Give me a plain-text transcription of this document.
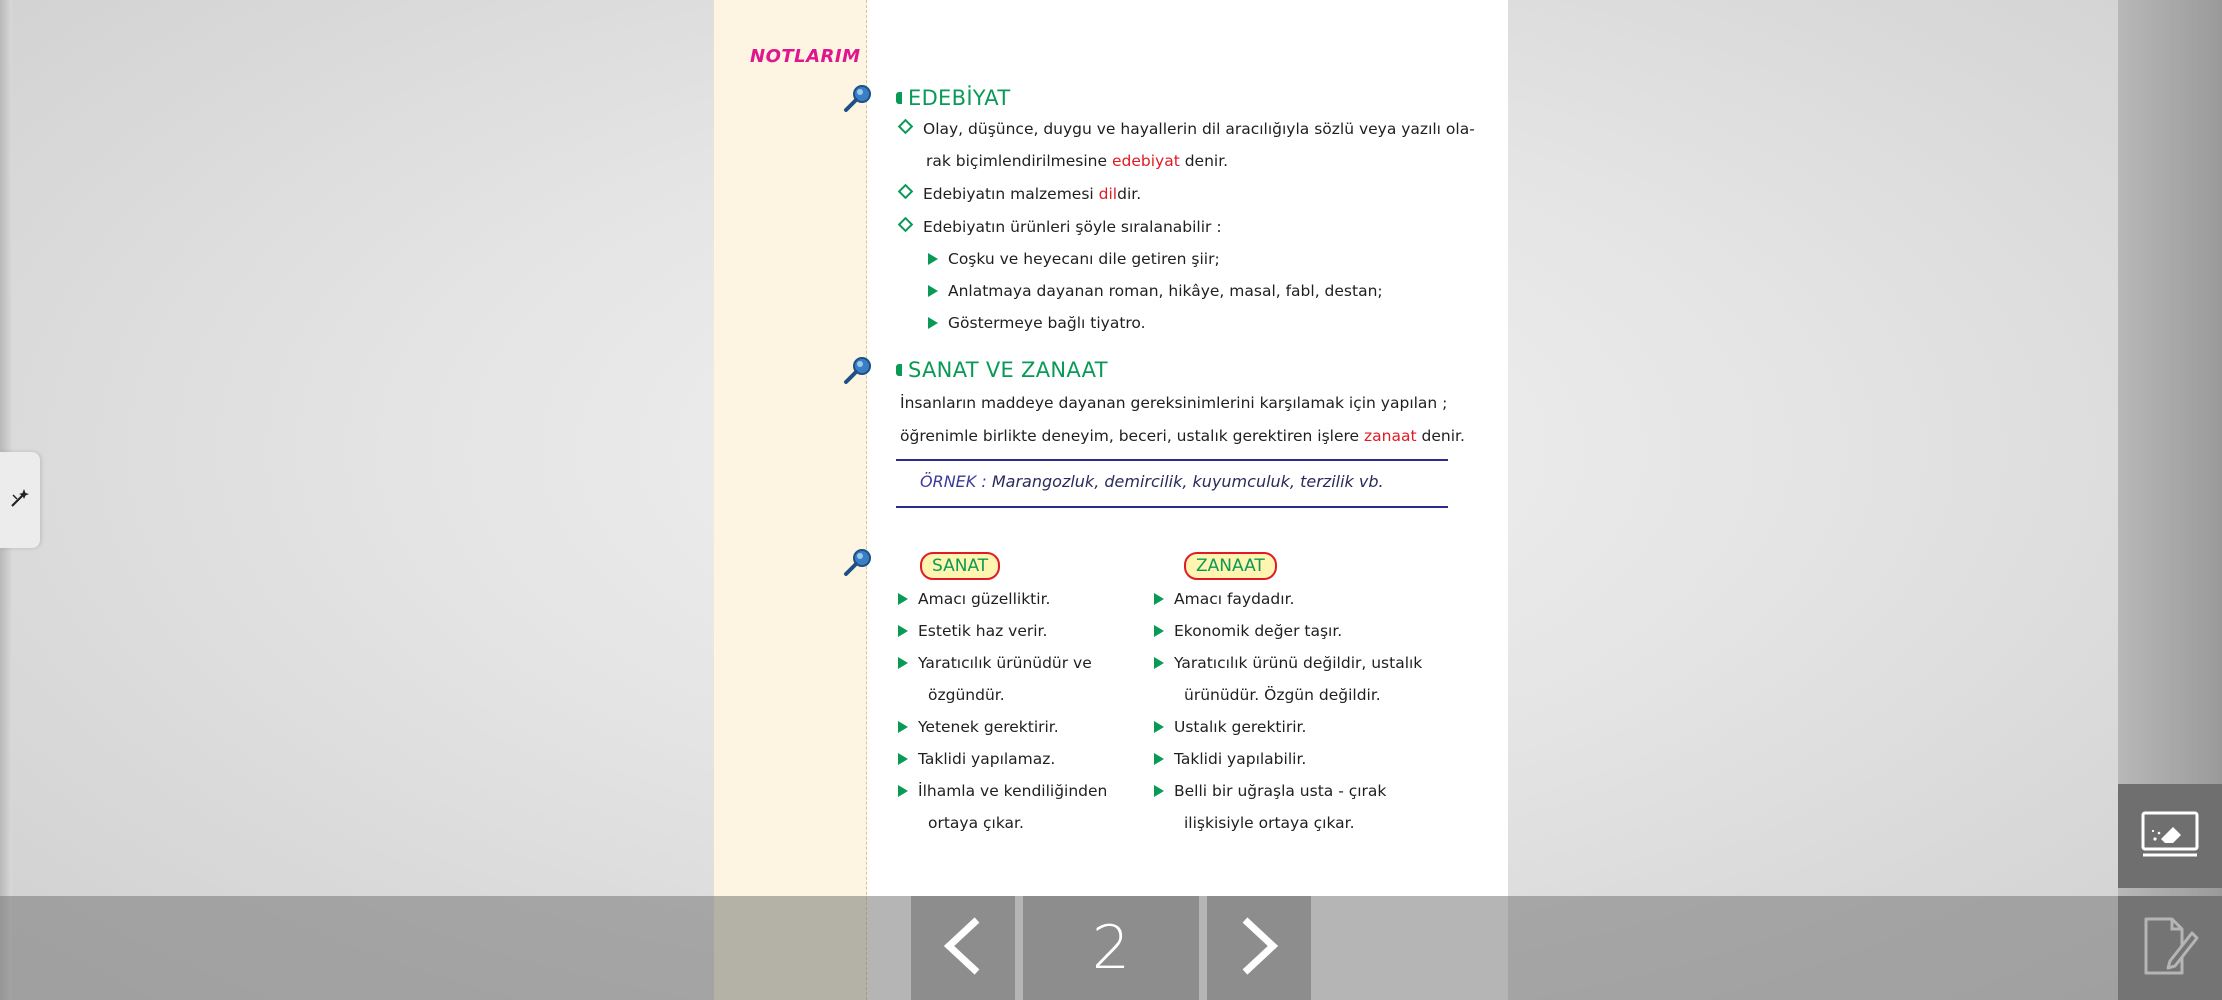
NOTLARIM
EDEBİYAT
Olay, düşünce, duygu ve hayallerin dil aracılığıyla sözlü veya yazılı ola-
rak biçimlendirilmesine edebiyat denir.
Edebiyatın malzemesi dildir.
Edebiyatın ürünleri şöyle sıralanabilir :
Coşku ve heyecanı dile getiren şiir;
Anlatmaya dayanan roman, hikâye, masal, fabl, destan;
Göstermeye bağlı tiyatro.
SANAT VE ZANAAT
İnsanların maddeye dayanan gereksinimlerini karşılamak için yapılan ;
öğrenimle birlikte deneyim, beceri, ustalık gerektiren işlere zanaat denir.
ÖRNEK : Marangozluk, demircilik, kuyumculuk, terzilik vb.
SANAT	ZANAAT
Amacı güzelliktir.
Estetik haz verir.
Yaratıcılık ürünüdür ve
özgündür.
Yetenek gerektirir.
Taklidi yapılamaz.
İlhamla ve kendiliğinden
ortaya çıkar.
Amacı faydadır.
Ekonomik değer taşır.
Yaratıcılık ürünü değildir, ustalık
ürünüdür. Özgün değildir.
Ustalık gerektirir.
Taklidi yapılabilir.
Belli bir uğraşla usta - çırak
ilişkisiyle ortaya çıkar.
2
